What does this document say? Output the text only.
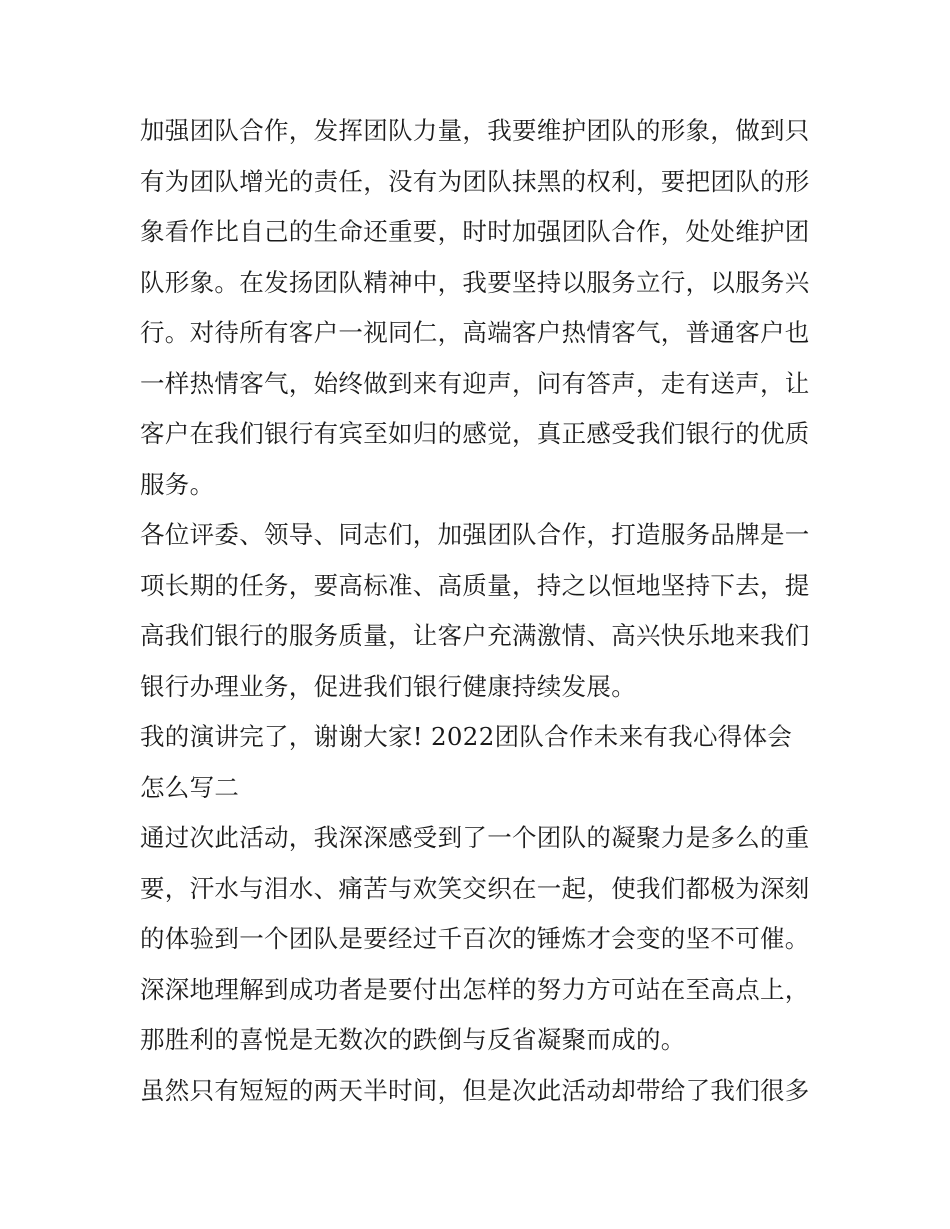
加强团队合作，发挥团队力量，我要维护团队的形象，做到只有为团队增光的责任，没有为团队抹黑的权利，要把团队的形象看作比自己的生命还重要，时时加强团队合作，处处维护团队形象。在发扬团队精神中，我要坚持以服务立行，以服务兴行。对待所有客户一视同仁，高端客户热情客气，普通客户也一样热情客气，始终做到来有迎声，问有答声，走有送声，让客户在我们银行有宾至如归的感觉，真正感受我们银行的优质服务。

各位评委、领导、同志们，加强团队合作，打造服务品牌是一项长期的任务，要高标准、高质量，持之以恒地坚持下去，提高我们银行的服务质量，让客户充满激情、高兴快乐地来我们银行办理业务，促进我们银行健康持续发展。

我的演讲完了，谢谢大家! 2022团队合作未来有我心得体会怎么写二

通过次此活动，我深深感受到了一个团队的凝聚力是多么的重要，汗水与泪水、痛苦与欢笑交织在一起，使我们都极为深刻的体验到一个团队是要经过千百次的锤炼才会变的坚不可催。深深地理解到成功者是要付出怎样的努力方可站在至高点上，那胜利的喜悦是无数次的跌倒与反省凝聚而成的。

虽然只有短短的两天半时间，但是次此活动却带给了我们很多
